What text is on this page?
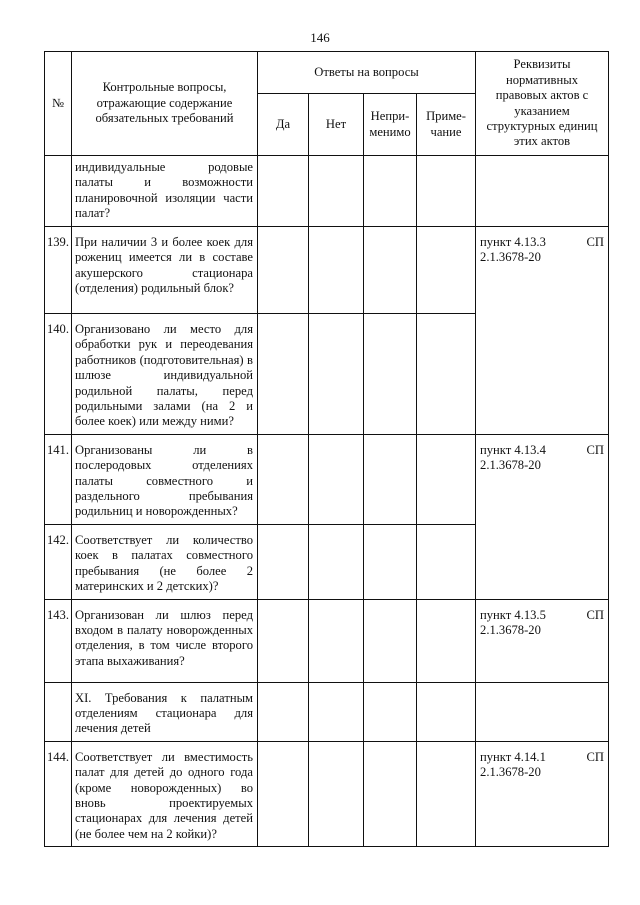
146
№	Контрольные вопросы, отражающие содержание обязательных требований	Ответы на вопросы				Реквизиты нормативных правовых актов с указанием структурных единиц этих актов
		Да	Нет	Непри-менимо	Приме-чание	
	индивидуальные родовые палаты и возможности планировочной изоляции части палат?					
139.	При наличии 3 и более коек для рожениц имеется ли в составе акушерского стационара (отделения) родильный блок?					пункт 4.13.3 СП
2.1.3678-20

140.	Организовано ли место для обработки рук и переодевания работников (подготовительная) в шлюзе индивидуальной родильной палаты, перед родильными залами (на 2 и более коек) или между ними?					
141.	Организованы ли в послеродовых отделениях палаты совместного и раздельного пребывания родильниц и новорожденных?					пункт 4.13.4 СП
2.1.3678-20

142.	Соответствует ли количество коек в палатах совместного пребывания (не более 2 материнских и 2 детских)?					
143.	Организован ли шлюз перед входом в палату новорожденных отделения, в том числе второго этапа выхаживания?					пункт 4.13.5 СП
2.1.3678-20

	XI. Требования к палатным отделениям стационара для лечения детей					
144.	Соответствует ли вместимость палат для детей до одного года (кроме новорожденных) во вновь проектируемых стационарах для лечения детей (не более чем на 2 койки)?					пункт 4.14.1 СП
2.1.3678-20
